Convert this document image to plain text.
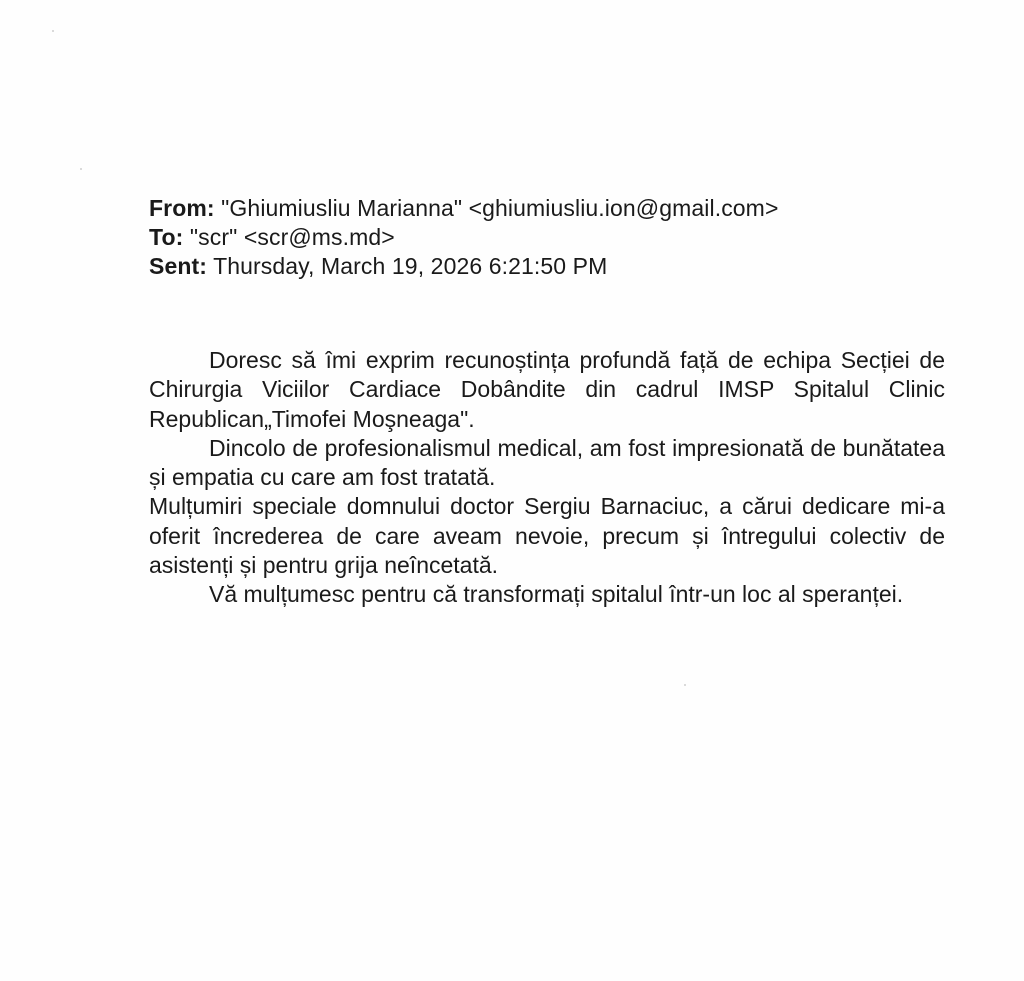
From: "Ghiumiusliu Marianna" <ghiumiusliu.ion@gmail.com>
To: "scr" <scr@ms.md>
Sent: Thursday, March 19, 2026 6:21:50 PM

Doresc să îmi exprim recunoștința profundă față de echipa Secției de Chirurgia Viciilor Cardiace Dobândite din cadrul IMSP Spitalul Clinic Republican„Timofei Moşneaga".

Dincolo de profesionalismul medical, am fost impresionată de bunătatea și empatia cu care am fost tratată.

Mulțumiri speciale domnului doctor Sergiu Barnaciuc, a cărui dedicare mi-a oferit încrederea de care aveam nevoie, precum și întregului colectiv de asistenți și pentru grija neîncetată.

Vă mulțumesc pentru că transformați spitalul într-un loc al speranței.
